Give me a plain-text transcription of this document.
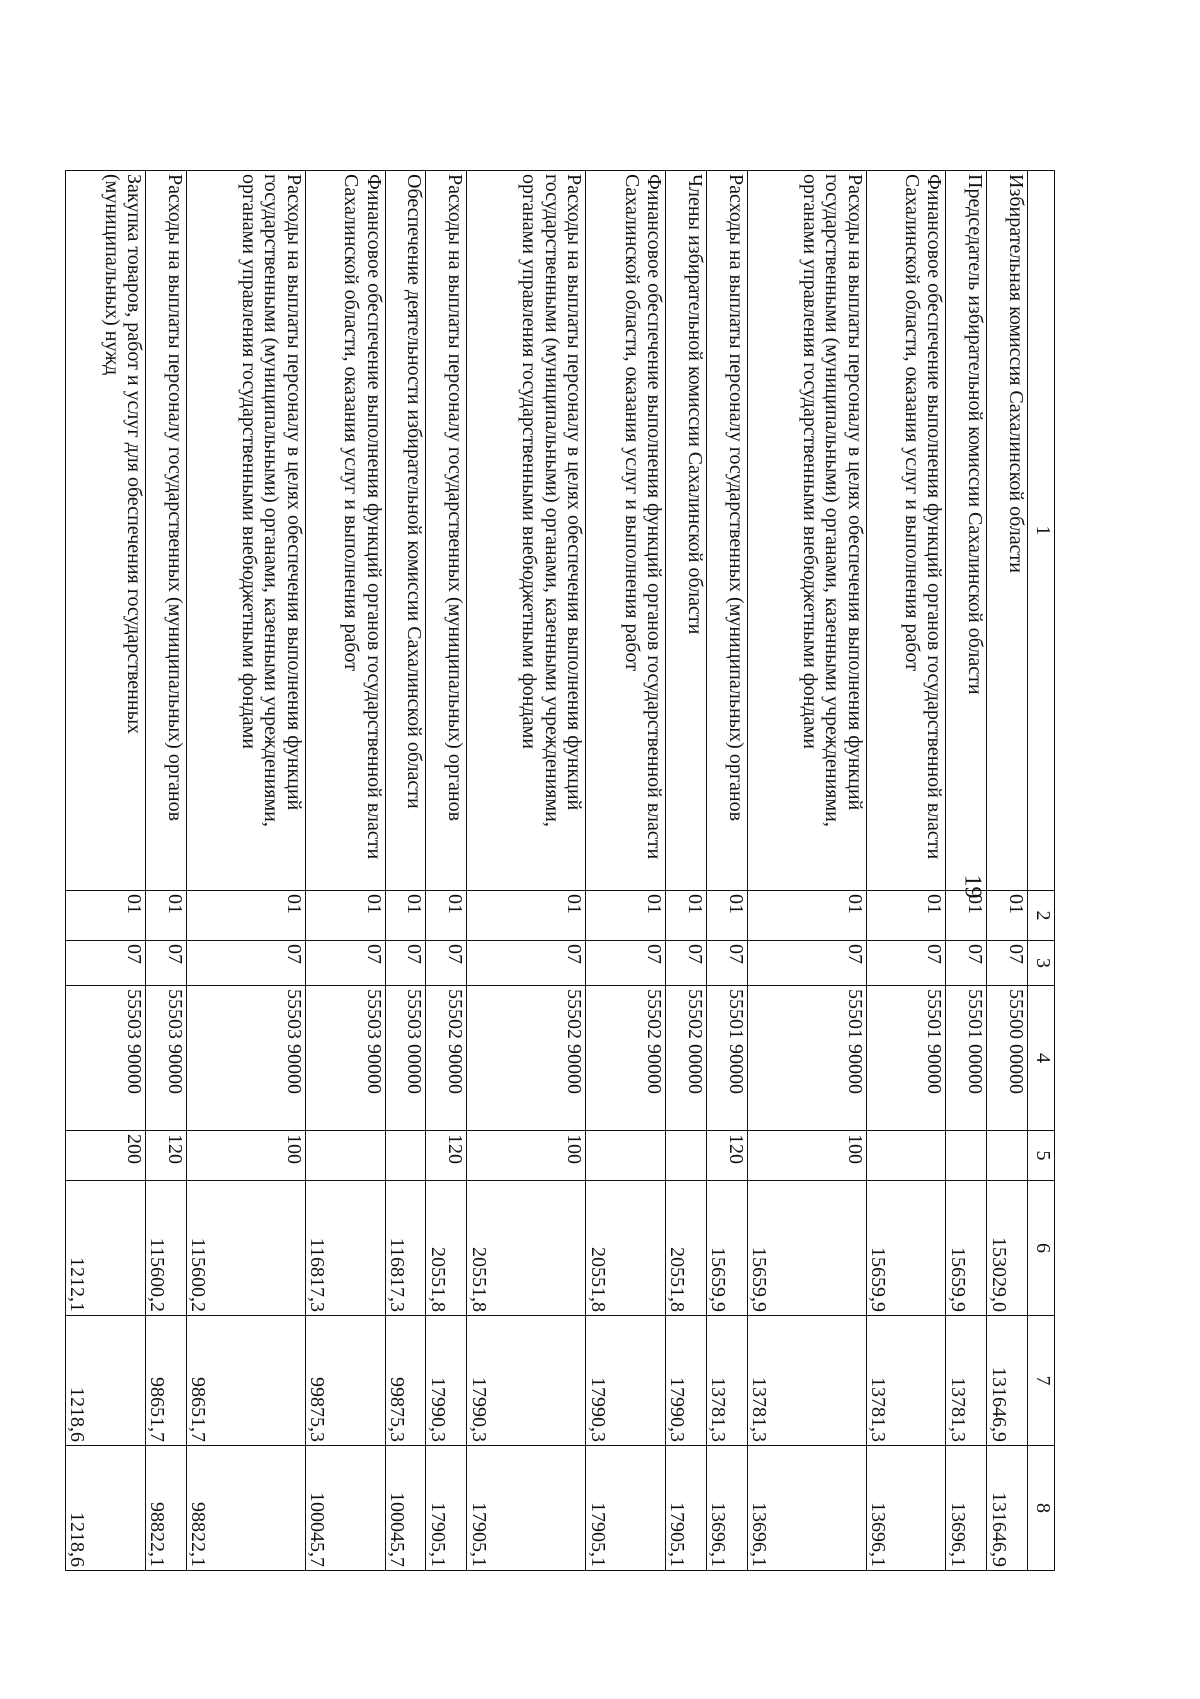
19
1	2	3	4	5	6	7	8
Избирательная комиссия Сахалинской области	01	07	55500 00000		153029,0	131646,9	131646,9
Председатель избирательной комиссии Сахалинской области	01	07	55501 00000		15659,9	13781,3	13696,1
Финансовое обеспечение выполнения функций органов государственной власти Сахалинской области, оказания услуг и выполнения работ	01	07	55501 90000		15659,9	13781,3	13696,1
Расходы на выплаты персоналу в целях обеспечения выполнения функций государственными (муниципальными) органами, казенными учреждениями, органами управления государственными внебюджетными фондами	01	07	55501 90000	100	15659,9	13781,3	13696,1
Расходы на выплаты персоналу государственных (муниципальных) органов	01	07	55501 90000	120	15659,9	13781,3	13696,1
Члены избирательной комиссии Сахалинской области	01	07	55502 00000		20551,8	17990,3	17905,1
Финансовое обеспечение выполнения функций органов государственной власти Сахалинской области, оказания услуг и выполнения работ	01	07	55502 90000		20551,8	17990,3	17905,1
Расходы на выплаты персоналу в целях обеспечения выполнения функций государственными (муниципальными) органами, казенными учреждениями, органами управления государственными внебюджетными фондами	01	07	55502 90000	100	20551,8	17990,3	17905,1
Расходы на выплаты персоналу государственных (муниципальных) органов	01	07	55502 90000	120	20551,8	17990,3	17905,1
Обеспечение деятельности избирательной комиссии Сахалинской области	01	07	55503 00000		116817,3	99875,3	100045,7
Финансовое обеспечение выполнения функций органов государственной власти Сахалинской области, оказания услуг и выполнения работ	01	07	55503 90000		116817,3	99875,3	100045,7
Расходы на выплаты персоналу в целях обеспечения выполнения функций государственными (муниципальными) органами, казенными учреждениями, органами управления государственными внебюджетными фондами	01	07	55503 90000	100	115600,2	98651,7	98822,1
Расходы на выплаты персоналу государственных (муниципальных) органов	01	07	55503 90000	120	115600,2	98651,7	98822,1
Закупка товаров, работ и услуг для обеспечения государственных (муниципальных) нужд	01	07	55503 90000	200	1212,1	1218,6	1218,6
